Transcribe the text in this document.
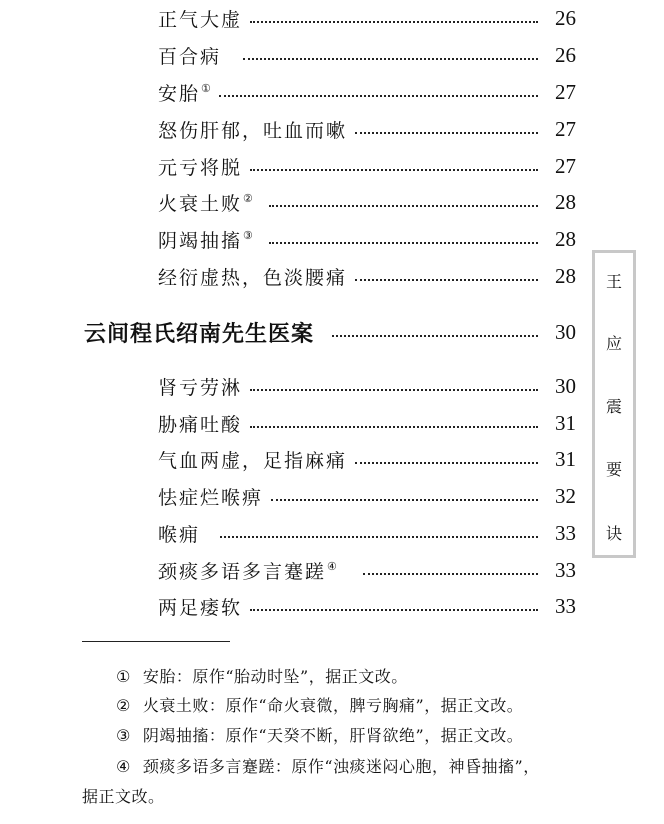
正气大虚	26
百合病	26
安胎①	27
怒伤肝郁，吐血而嗽	27
元亏将脱	27
火衰土败②	28
阴竭抽搐③	28
经衍虚热，色淡腰痛	28
云间程氏绍南先生医案	30
肾亏劳淋	30
胁痛吐酸	31
气血两虚，足指麻痛	31
怯症烂喉痹	32
喉痈	33
颈痰多语多言蹇蹉④	33
两足痿软	33
王
应
震
要
诀
① 安胎：原作“胎动时坠”，据正文改。
② 火衰土败：原作“命火衰微，脾亏胸痛”，据正文改。
③ 阴竭抽搐：原作“天癸不断，肝肾欲绝”，据正文改。
④ 颈痰多语多言蹇蹉：原作“浊痰迷闷心胞，神昏抽搐”，
据正文改。
